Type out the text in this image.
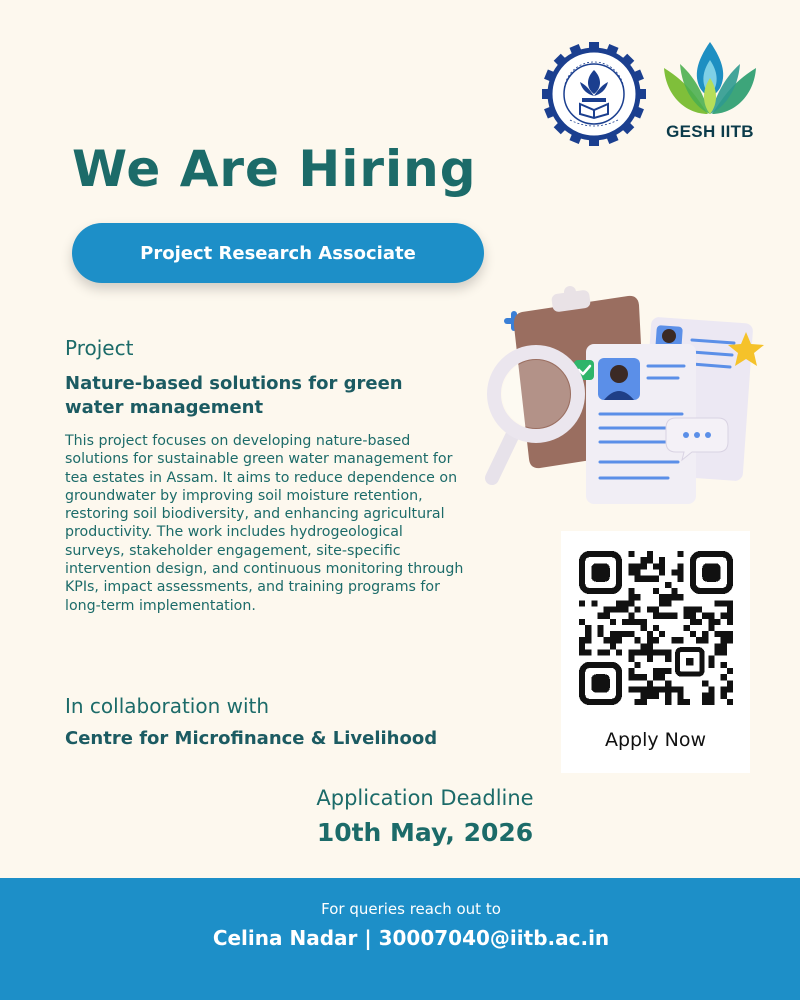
GESH IITB
We Are Hiring
Project Research Associate
Project
Nature-based solutions for green water management
This project focuses on developing nature-based solutions for sustainable green water management for tea estates in Assam. It aims to reduce dependence on groundwater by improving soil moisture retention, restoring soil biodiversity, and enhancing agricultural productivity. The work includes hydrogeological surveys, stakeholder engagement, site-specific intervention design, and continuous monitoring through KPIs, impact assessments, and training programs for long-term implementation.
In collaboration with
Centre for Microfinance & Livelihood
Application Deadline
10th May, 2026
Apply Now
For queries reach out to
Celina Nadar | 30007040@iitb.ac.in
